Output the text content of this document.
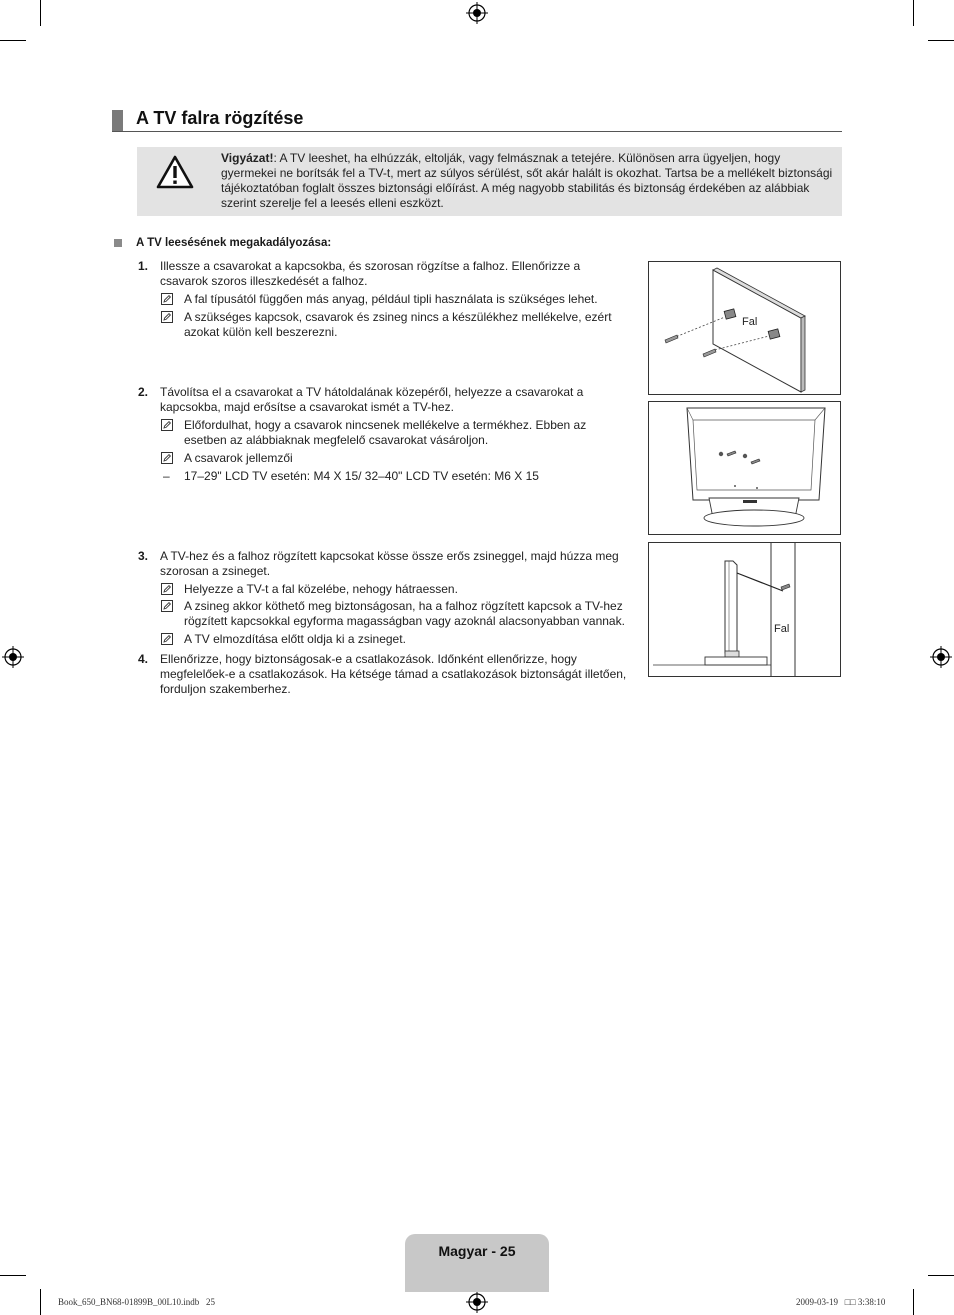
A TV falra rögzítése
Vigyázat!: A TV leeshet, ha elhúzzák, eltolják, vagy felmásznak a tetejére. Különösen arra ügyeljen, hogy gyermekei ne borítsák fel a TV-t, mert az súlyos sérülést, sőt akár halált is okozhat. Tartsa be a mellékelt biztonsági tájékoztatóban foglalt összes biztonsági előírást. A még nagyobb stabilitás és biztonság érdekében az alábbiak szerint szerelje fel a leesés elleni eszközt.
A TV leesésének megakadályozása:
1. Illessze a csavarokat a kapcsokba, és szorosan rögzítse a falhoz. Ellenőrizze a
csavarok szoros illeszkedését a falhoz.
A fal típusától függően más anyag, például tipli használata is szükséges lehet.
A szükséges kapcsok, csavarok és zsineg nincs a készülékhez mellékelve, ezért
azokat külön kell beszerezni.
2. Távolítsa el a csavarokat a TV hátoldalának közepéről, helyezze a csavarokat a
kapcsokba, majd erősítse a csavarokat ismét a TV-hez.
Előfordulhat, hogy a csavarok nincsenek mellékelve a termékhez. Ebben az
esetben az alábbiaknak megfelelő csavarokat vásároljon.
A csavarok jellemzői
– 17–29" LCD TV esetén: M4 X 15/ 32–40" LCD TV esetén: M6 X 15
3. A TV-hez és a falhoz rögzített kapcsokat kösse össze erős zsineggel, majd húzza meg
szorosan a zsineget.
Helyezze a TV-t a fal közelébe, nehogy hátraessen.
A zsineg akkor köthető meg biztonságosan, ha a falhoz rögzített kapcsok a TV-hez
rögzített kapcsokkal egyforma magasságban vagy azoknál alacsonyabban vannak.
A TV elmozdítása előtt oldja ki a zsineget.
4. Ellenőrizze, hogy biztonságosak-e a csatlakozások. Időnként ellenőrizze, hogy
megfelelőek-e a csatlakozások. Ha kétsége támad a csatlakozások biztonságát illetően,
forduljon szakemberhez.
Fal
Fal
Magyar - 25
Book_650_BN68-01899B_00L10.indb   25	2009-03-19   □□ 3:38:10
